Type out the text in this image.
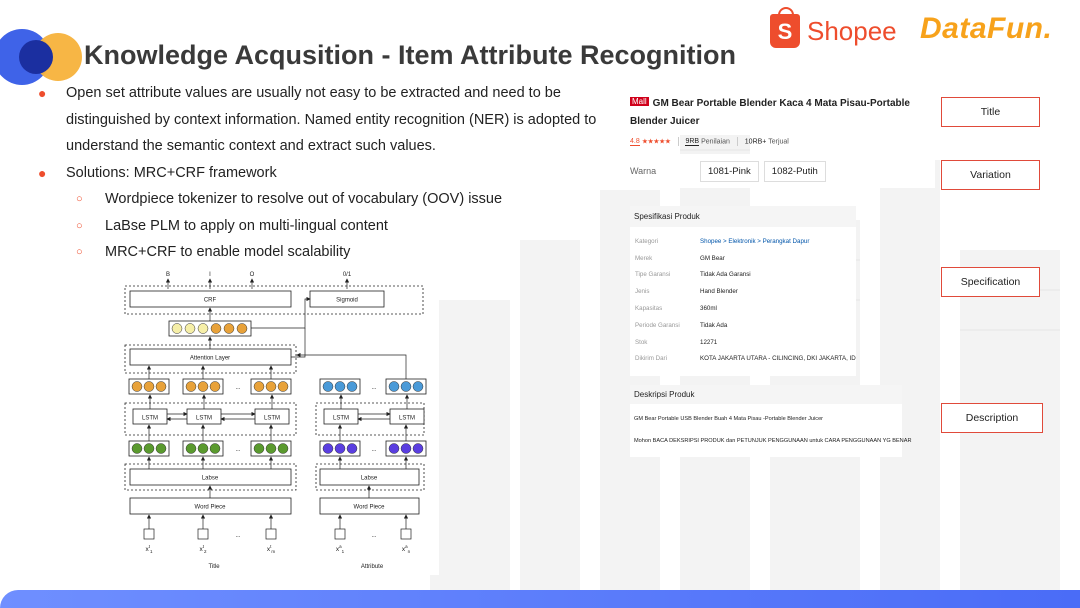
Knowledge Acqusition - Item Attribute Recognition
S Shopee DataFun.
● Open set attribute values are usually not easy to be extracted and need to be
distinguished by context information. Named entity recognition (NER) is adopted to
understand the semantic context and extract such values.
● Solutions: MRC+CRF framework
○ Wordpiece tokenizer to resolve out of vocabulary (OOV) issue
○ LaBse PLM to apply on multi-lingual content
○ MRC+CRF to enable model scalability
B	I	O	0/1
CRF	Sigmoid
Attention Layer
...	...
LSTM	LSTM	LSTM	LSTM	LSTM
...	...
Labse	Labse
Word Piece	Word Piece
$x^t_1$	$x^t_2$	$x^t_m$
...
$x^a_1$	$x^a_n$
...
Title	Attribute
Mall GM Bear Portable Blender Kaca 4 Mata Pisau-Portable Blender Juicer
4.8 ★★★★★ 9RB Penilaian 10RB+ Terjual
Warna	1081-Pink	1082-Putih
Spesifikasi Produk
Kategori	Shopee > Elektronik > Perangkat Dapur
Merek	GM Bear
Tipe Garansi	Tidak Ada Garansi
Jenis	Hand Blender
Kapasitas	360ml
Periode Garansi	Tidak Ada
Stok	12271
Dikirim Dari	KOTA JAKARTA UTARA - CILINCING, DKI JAKARTA, ID
Deskripsi Produk
GM Bear Portable USB Blender Buah 4 Mata Pisau -Portable Blender Juicer
Mohon BACA DEKSRIPSI PRODUK dan PETUNJUK PENGGUNAAN untuk CARA PENGGUNAAN YG BENAR
Title
Variation
Specification
Description
